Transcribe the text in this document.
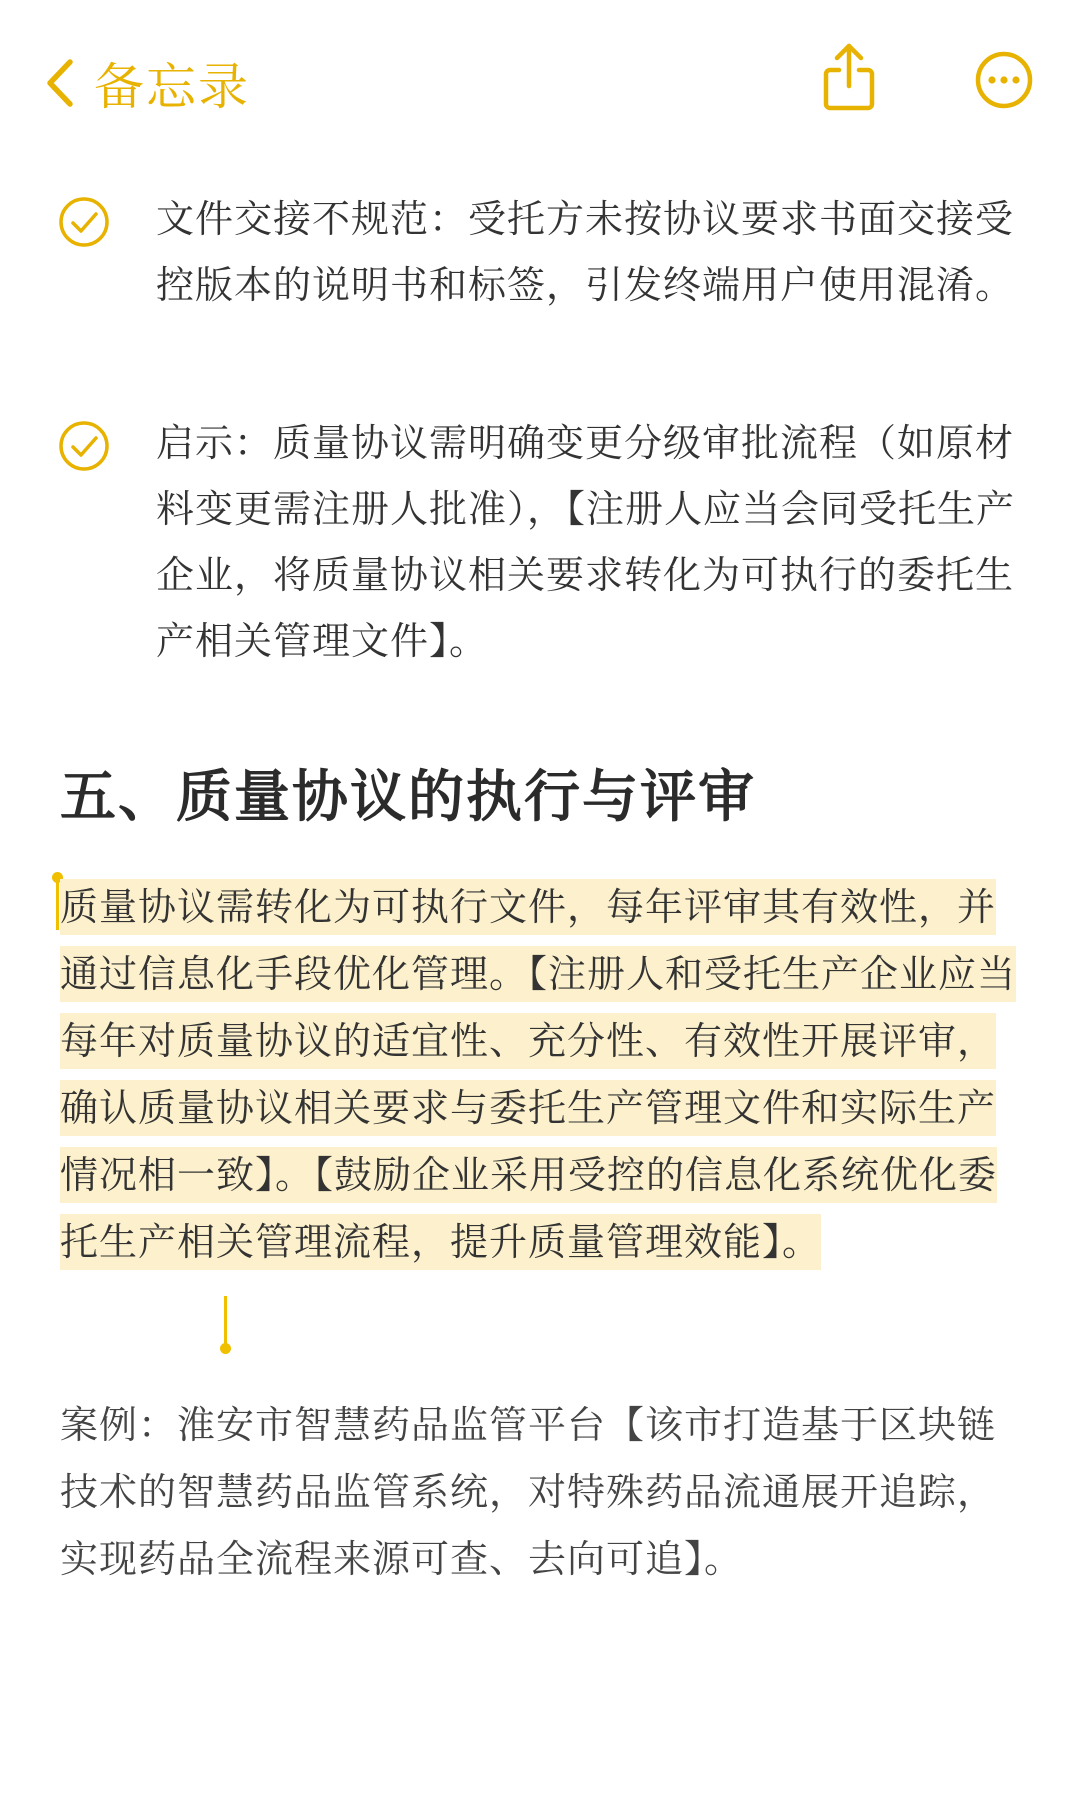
备忘录
文件交接不规范：受托方未按协议要求书面交接受控版本的说明书和标签，引发终端用户使用混淆。
启示：质量协议需明确变更分级审批流程（如原材料变更需注册人批准），【注册人应当会同受托生产企业，将质量协议相关要求转化为可执行的委托生产相关管理文件】。
五、质量协议的执行与评审
质量协议需转化为可执行文件，每年评审其有效性，并通过信息化手段优化管理。【注册人和受托生产企业应当每年对质量协议的适宜性、充分性、有效性开展评审，确认质量协议相关要求与委托生产管理文件和实际生产情况相一致】。【鼓励企业采用受控的信息化系统优化委托生产相关管理流程，提升质量管理效能】。
案例：淮安市智慧药品监管平台【该市打造基于区块链技术的智慧药品监管系统，对特殊药品流通展开追踪，实现药品全流程来源可查、去向可追】。
